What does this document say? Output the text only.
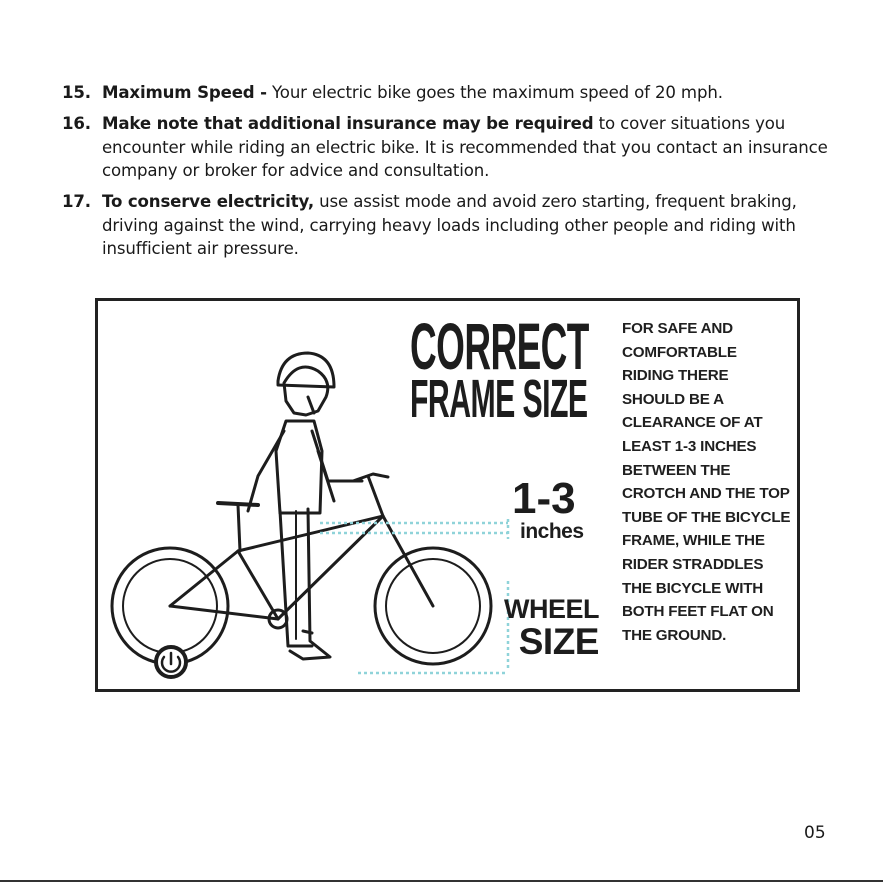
15. Maximum Speed - Your electric bike goes the maximum speed of 20 mph.
16. Make note that additional insurance may be required to cover situations you encounter while riding an electric bike. It is recommended that you contact an insurance company or broker for advice and consultation.
17. To conserve electricity, use assist mode and avoid zero starting, frequent braking, driving against the wind, carrying heavy loads including other people and riding with insufficient air pressure.
CORRECT
FRAME SIZE
1-3
inches
WHEEL
SIZE
FOR SAFE AND COMFORTABLE RIDING THERE SHOULD BE A CLEARANCE OF AT LEAST 1-3 INCHES BETWEEN THE CROTCH AND THE TOP TUBE OF THE BICYCLE FRAME, WHILE THE RIDER STRADDLES THE BICYCLE WITH BOTH FEET FLAT ON THE GROUND.
05
